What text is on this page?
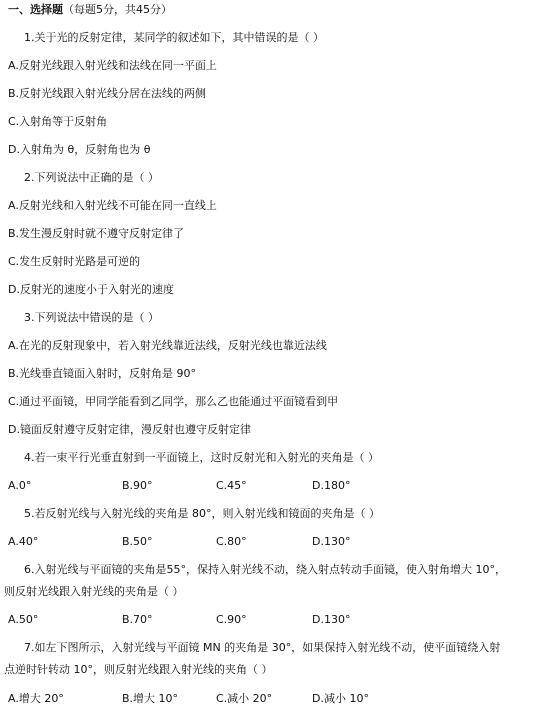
一、选择题（每题5分，共45分）
1.关于光的反射定律，某同学的叙述如下，其中错误的是（ ）
A.反射光线跟入射光线和法线在同一平面上
B.反射光线跟入射光线分居在法线的两侧
C.入射角等于反射角
D.入射角为 θ，反射角也为 θ
2.下列说法中正确的是（ ）
A.反射光线和入射光线不可能在同一直线上
B.发生漫反射时就不遵守反射定律了
C.发生反射时光路是可逆的
D.反射光的速度小于入射光的速度
3.下列说法中错误的是（ ）
A.在光的反射现象中，若入射光线靠近法线，反射光线也靠近法线
B.光线垂直镜面入射时，反射角是 90°
C.通过平面镜，甲同学能看到乙同学，那么乙也能通过平面镜看到甲
D.镜面反射遵守反射定律，漫反射也遵守反射定律
4.若一束平行光垂直射到一平面镜上，这时反射光和入射光的夹角是（ ）
A.0°	B.90°	C.45°	D.180°
5.若反射光线与入射光线的夹角是 80°，则入射光线和镜面的夹角是（ ）
A.40°	B.50°	C.80°	D.130°
6.入射光线与平面镜的夹角是55°，保持入射光线不动，绕入射点转动手面镜，使入射角增大 10°，
则反射光线跟入射光线的夹角是（ ）
A.50°	B.70°	C.90°	D.130°
7.如左下图所示，入射光线与平面镜 MN 的夹角是 30°，如果保持入射光线不动，使平面镜绕入射
点逆时针转动 10°，则反射光线跟入射光线的夹角（ ）
A.增大 20°	B.增大 10°	C.减小 20°	D.减小 10°
